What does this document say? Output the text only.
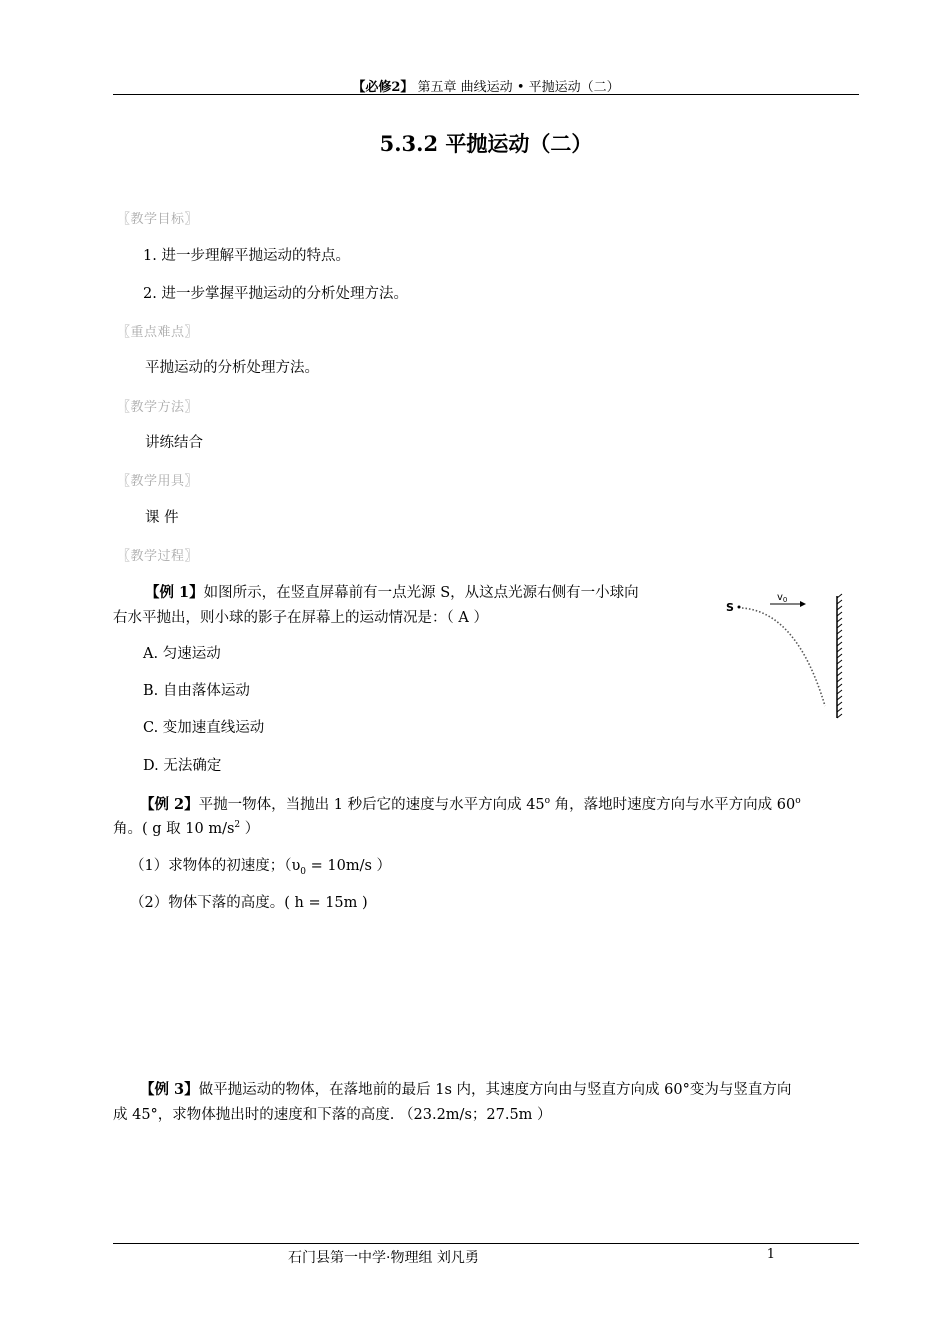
【必修2】 第五章 曲线运动 • 平抛运动（二）
5.3.2 平抛运动（二）
〖教学目标〗
1. 进一步理解平抛运动的特点。
2. 进一步掌握平抛运动的分析处理方法。
〖重点难点〗
平抛运动的分析处理方法。
〖教学方法〗
讲练结合
〖教学用具〗
课 件
〖教学过程〗
【例 1】如图所示，在竖直屏幕前有一点光源 S，从这点光源右侧有一小球向
右水平抛出，则小球的影子在屏幕上的运动情况是：（ A ）
S
$v_0$
A. 匀速运动
B. 自由落体运动
C. 变加速直线运动
D. 无法确定
【例 2】平抛一物体，当抛出 1 秒后它的速度与水平方向成 45$^o$ 角，落地时速度方向与水平方向成 60$^o$
角。( g 取 10 $m/s^2$ ）
（1）求物体的初速度；（$\upsilon_0 = 10m/s$ ）
（2）物体下落的高度。( h = 15m )
【例 3】做平抛运动的物体，在落地前的最后 1s 内，其速度方向由与竖直方向成 60°变为与竖直方向
成 45°，求物体抛出时的速度和下落的高度. （23.2m/s；27.5m ）
石门县第一中学·物理组 刘凡勇	1
